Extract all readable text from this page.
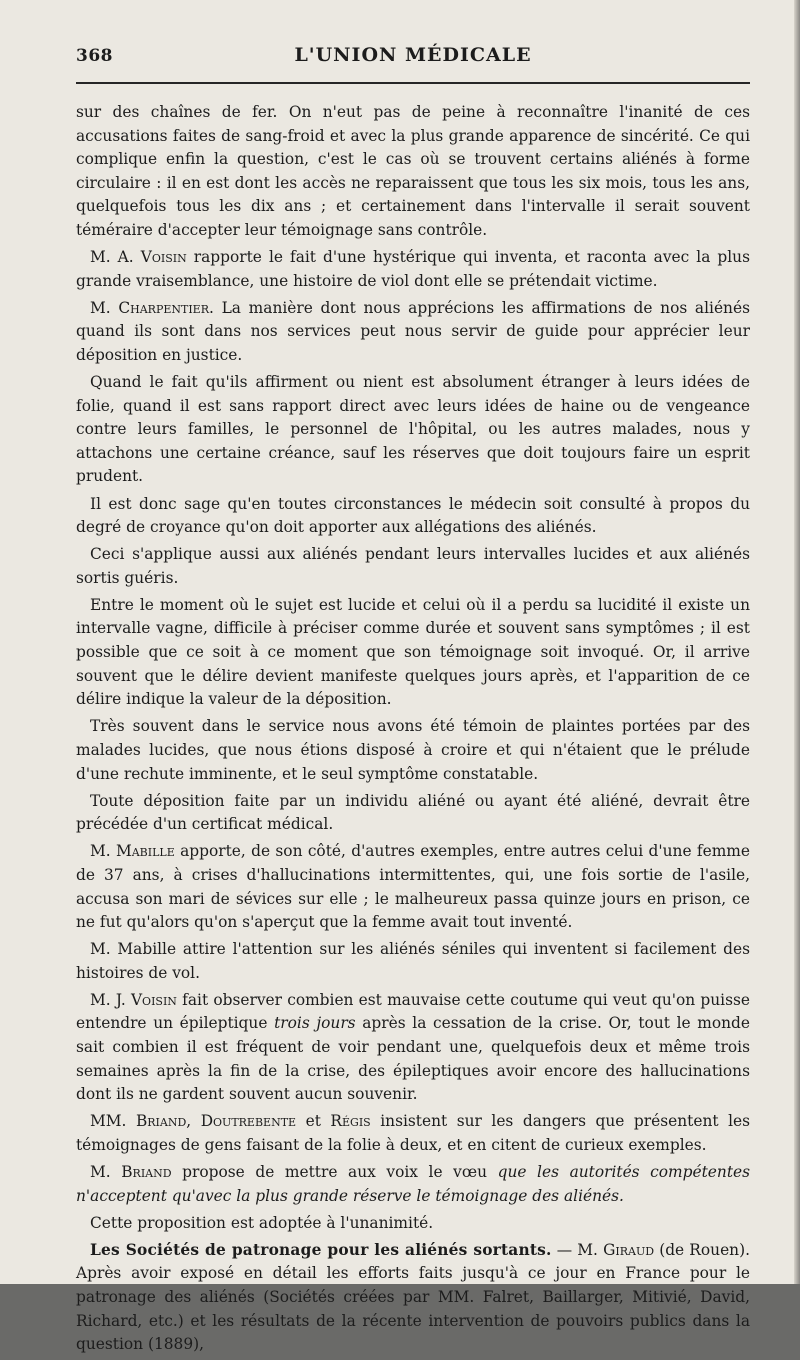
368	L'UNION MÉDICALE

sur des chaînes de fer. On n'eut pas de peine à reconnaître l'inanité de ces accusations faites de sang-froid et avec la plus grande apparence de sincérité. Ce qui complique enfin la question, c'est le cas où se trouvent certains aliénés à forme circulaire : il en est dont les accès ne reparaissent que tous les six mois, tous les ans, quelquefois tous les dix ans ; et certainement dans l'intervalle il serait souvent téméraire d'accepter leur témoignage sans contrôle.

M. A. Voisin rapporte le fait d'une hystérique qui inventa, et raconta avec la plus grande vraisemblance, une histoire de viol dont elle se prétendait victime.

M. Charpentier. La manière dont nous apprécions les affirmations de nos aliénés quand ils sont dans nos services peut nous servir de guide pour apprécier leur déposition en justice.

Quand le fait qu'ils affirment ou nient est absolument étranger à leurs idées de folie, quand il est sans rapport direct avec leurs idées de haine ou de vengeance contre leurs familles, le personnel de l'hôpital, ou les autres malades, nous y attachons une certaine créance, sauf les réserves que doit toujours faire un esprit prudent.

Il est donc sage qu'en toutes circonstances le médecin soit consulté à propos du degré de croyance qu'on doit apporter aux allégations des aliénés.

Ceci s'applique aussi aux aliénés pendant leurs intervalles lucides et aux aliénés sortis guéris.

Entre le moment où le sujet est lucide et celui où il a perdu sa lucidité il existe un intervalle vagne, difficile à préciser comme durée et souvent sans symptômes ; il est possible que ce soit à ce moment que son témoignage soit invoqué. Or, il arrive souvent que le délire devient manifeste quelques jours après, et l'apparition de ce délire indique la valeur de la déposition.

Très souvent dans le service nous avons été témoin de plaintes portées par des malades lucides, que nous étions disposé à croire et qui n'étaient que le prélude d'une rechute imminente, et le seul symptôme constatable.

Toute déposition faite par un individu aliéné ou ayant été aliéné, devrait être précédée d'un certificat médical.

M. Mabille apporte, de son côté, d'autres exemples, entre autres celui d'une femme de 37 ans, à crises d'hallucinations intermittentes, qui, une fois sortie de l'asile, accusa son mari de sévices sur elle ; le malheureux passa quinze jours en prison, ce ne fut qu'alors qu'on s'aperçut que la femme avait tout inventé.

M. Mabille attire l'attention sur les aliénés séniles qui inventent si facilement des histoires de vol.

M. J. Voisin fait observer combien est mauvaise cette coutume qui veut qu'on puisse entendre un épileptique trois jours après la cessation de la crise. Or, tout le monde sait combien il est fréquent de voir pendant une, quelquefois deux et même trois semaines après la fin de la crise, des épileptiques avoir encore des hallucinations dont ils ne gardent souvent aucun souvenir.

MM. Briand, Doutrebente et Régis insistent sur les dangers que présentent les témoignages de gens faisant de la folie à deux, et en citent de curieux exemples.

M. Briand propose de mettre aux voix le vœu que les autorités compétentes n'acceptent qu'avec la plus grande réserve le témoignage des aliénés.

Cette proposition est adoptée à l'unanimité.

Les Sociétés de patronage pour les aliénés sortants. — M. Giraud (de Rouen). Après avoir exposé en détail les efforts faits jusqu'à ce jour en France pour le patronage des aliénés (Sociétés créées par MM. Falret, Baillarger, Mitivié, David, Richard, etc.) et les résultats de la récente intervention de pouvoirs publics dans la question (1889),
